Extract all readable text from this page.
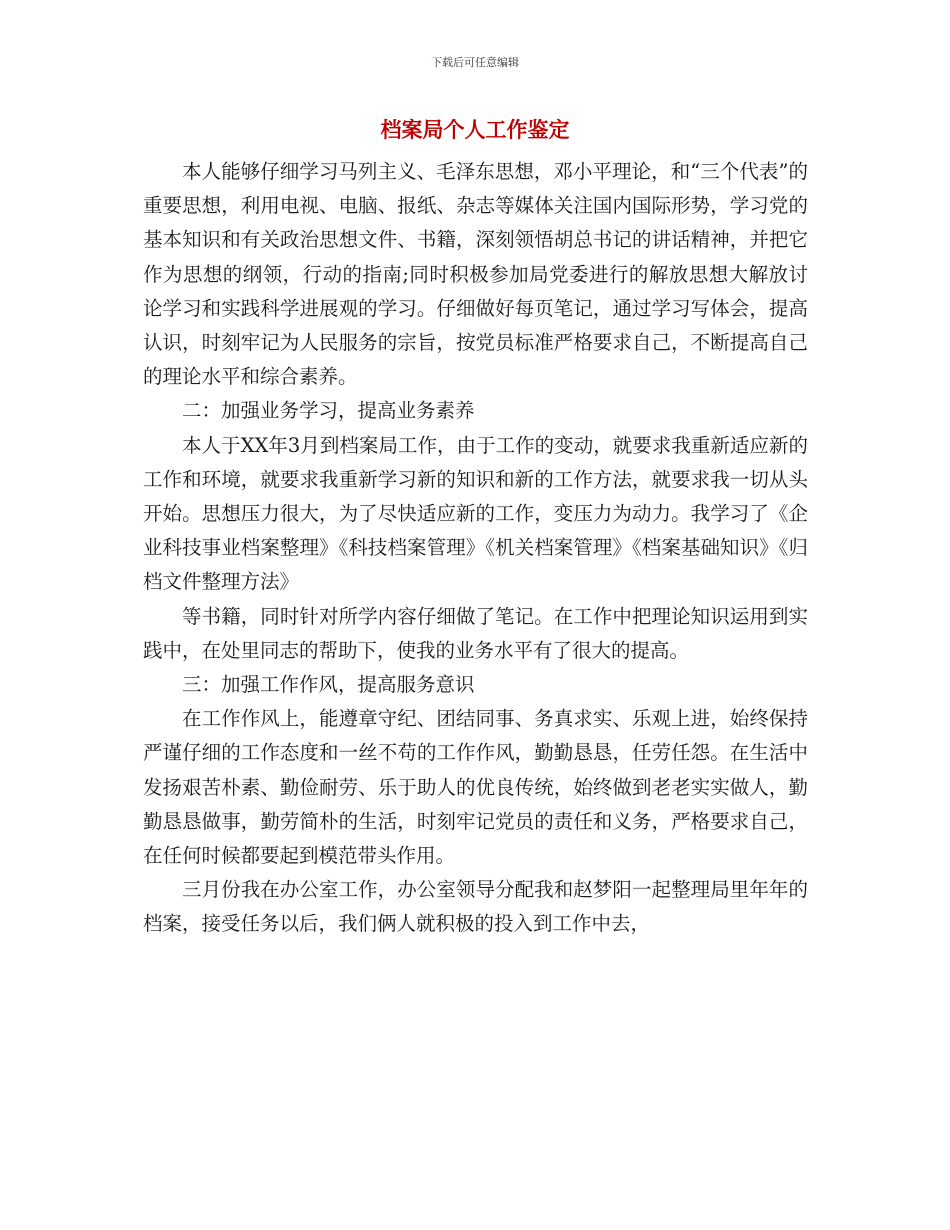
下载后可任意编辑
档案局个人工作鉴定

本人能够仔细学习马列主义、毛泽东思想，邓小平理论，和“三个代表”的重要思想，利用电视、电脑、报纸、杂志等媒体关注国内国际形势，学习党的基本知识和有关政治思想文件、书籍，深刻领悟胡总书记的讲话精神，并把它作为思想的纲领，行动的指南;同时积极参加局党委进行的解放思想大解放讨论学习和实践科学进展观的学习。仔细做好每页笔记，通过学习写体会，提高认识，时刻牢记为人民服务的宗旨，按党员标准严格要求自己，不断提高自己的理论水平和综合素养。

二：加强业务学习，提高业务素养

本人于XX年3月到档案局工作，由于工作的变动，就要求我重新适应新的工作和环境，就要求我重新学习新的知识和新的工作方法，就要求我一切从头开始。思想压力很大，为了尽快适应新的工作，变压力为动力。我学习了《企业科技事业档案整理》《科技档案管理》《机关档案管理》《档案基础知识》《归档文件整理方法》

等书籍，同时针对所学内容仔细做了笔记。在工作中把理论知识运用到实践中，在处里同志的帮助下，使我的业务水平有了很大的提高。

三：加强工作作风，提高服务意识

在工作作风上，能遵章守纪、团结同事、务真求实、乐观上进，始终保持严谨仔细的工作态度和一丝不苟的工作作风，勤勤恳恳，任劳任怨。在生活中发扬艰苦朴素、勤俭耐劳、乐于助人的优良传统，始终做到老老实实做人，勤勤恳恳做事，勤劳简朴的生活，时刻牢记党员的责任和义务，严格要求自己，在任何时候都要起到模范带头作用。

三月份我在办公室工作，办公室领导分配我和赵梦阳一起整理局里年年的档案，接受任务以后，我们俩人就积极的投入到工作中去，
